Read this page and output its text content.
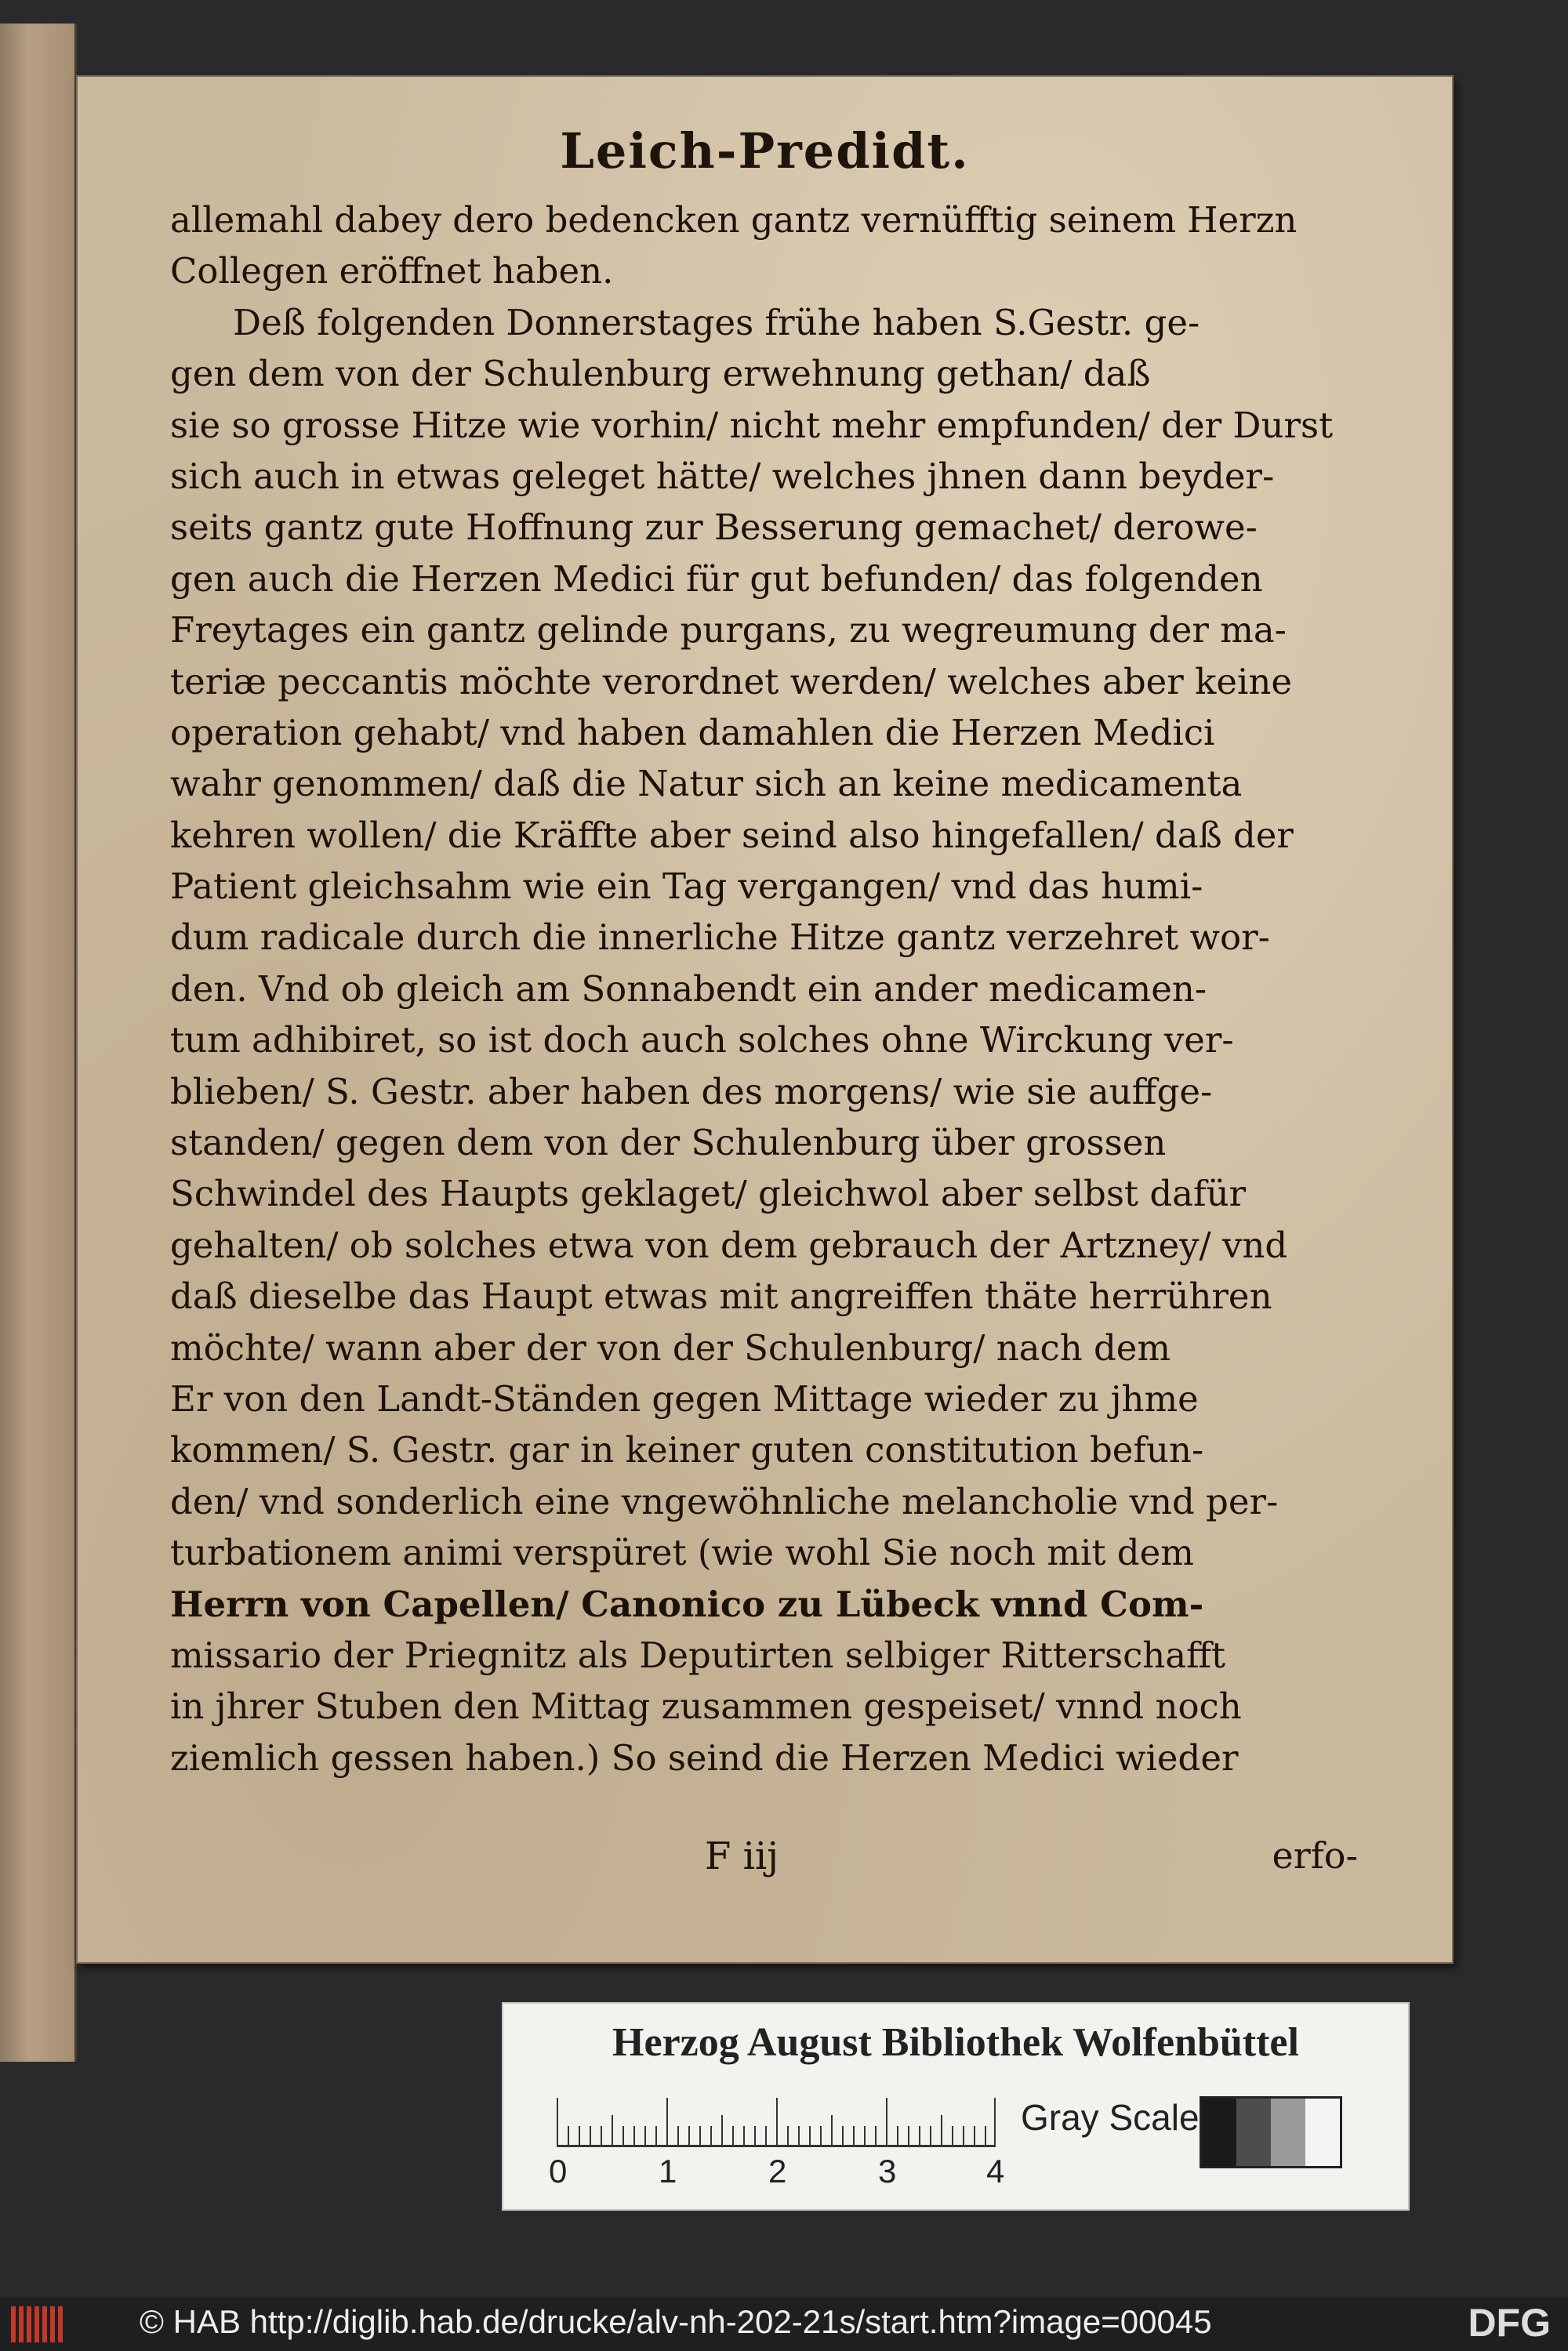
Leich-Predidt.
allemahl dabey dero bedencken gantz vernüfftig seinem Herzn
Collegen eröffnet haben.
Deß folgenden Donnerstages frühe haben S.Gestr. ge-
gen dem von der Schulenburg erwehnung gethan/ daß
sie so grosse Hitze wie vorhin/ nicht mehr empfunden/ der Durst
sich auch in etwas geleget hätte/ welches jhnen dann beyder-
seits gantz gute Hoffnung zur Besserung gemachet/ derowe-
gen auch die Herzen Medici für gut befunden/ das folgenden
Freytages ein gantz gelinde purgans, zu wegreumung der ma-
teriæ peccantis möchte verordnet werden/ welches aber keine
operation gehabt/ vnd haben damahlen die Herzen Medici
wahr genommen/ daß die Natur sich an keine medicamenta
kehren wollen/ die Kräffte aber seind also hingefallen/ daß der
Patient gleichsahm wie ein Tag vergangen/ vnd das humi-
dum radicale durch die innerliche Hitze gantz verzehret wor-
den. Vnd ob gleich am Sonnabendt ein ander medicamen-
tum adhibiret, so ist doch auch solches ohne Wirckung ver-
blieben/ S. Gestr. aber haben des morgens/ wie sie auffge-
standen/ gegen dem von der Schulenburg über grossen
Schwindel des Haupts geklaget/ gleichwol aber selbst dafür
gehalten/ ob solches etwa von dem gebrauch der Artzney/ vnd
daß dieselbe das Haupt etwas mit angreiffen thäte herrühren
möchte/ wann aber der von der Schulenburg/ nach dem
Er von den Landt-Ständen gegen Mittage wieder zu jhme
kommen/ S. Gestr. gar in keiner guten constitution befun-
den/ vnd sonderlich eine vngewöhnliche melancholie vnd per-
turbationem animi verspüret (wie wohl Sie noch mit dem
Herrn von Capellen/ Canonico zu Lübeck vnnd Com-
missario der Priegnitz als Deputirten selbiger Ritterschafft
in jhrer Stuben den Mittag zusammen gespeiset/ vnnd noch
ziemlich gessen haben.) So seind die Herzen Medici wieder
F iij	erfo-
Herzog August Bibliothek Wolfenbüttel
0	1	2	3	4
Gray Scale
© HAB http://diglib.hab.de/drucke/alv-nh-202-21s/start.htm?image=00045	DFG
